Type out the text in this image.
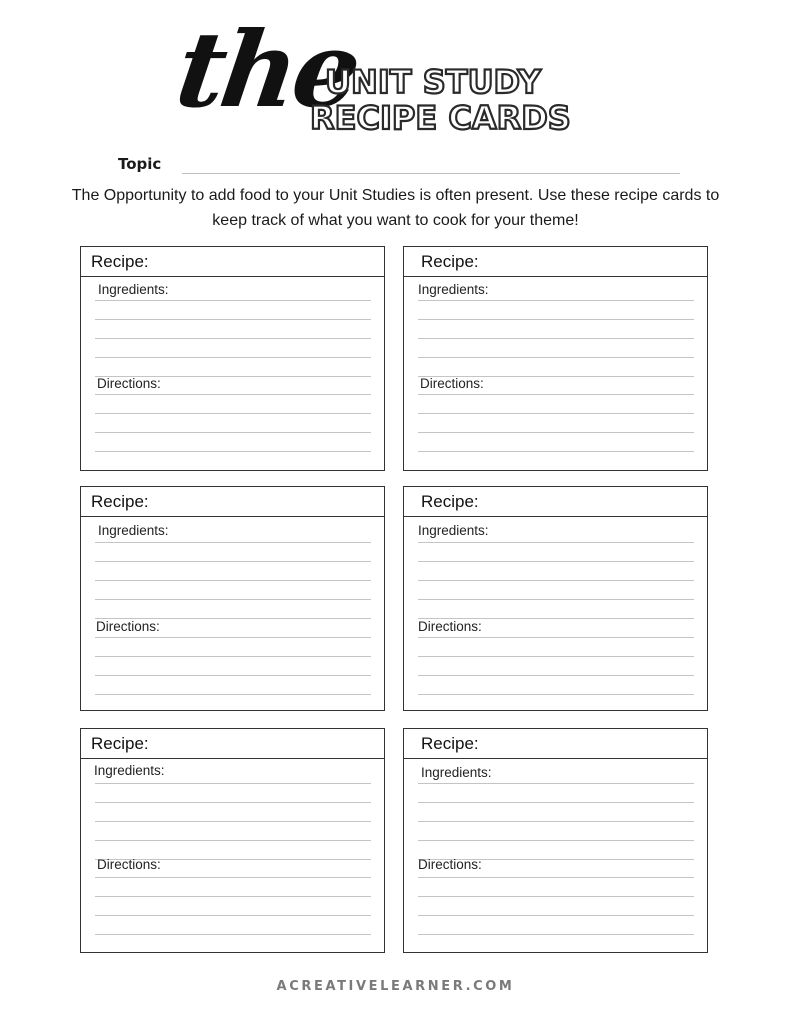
the
UNIT STUDY
RECIPE CARDS
Topic
The Opportunity to add food to your Unit Studies is often present. Use these recipe cards to keep track of what you want to cook for your theme!
Recipe:
Ingredients:
Directions:
Recipe:
Ingredients:
Directions:
Recipe:
Ingredients:
Directions:
Recipe:
Ingredients:
Directions:
Recipe:
Ingredients:
Directions:
Recipe:
Ingredients:
Directions:
ACREATIVELEARNER.COM
